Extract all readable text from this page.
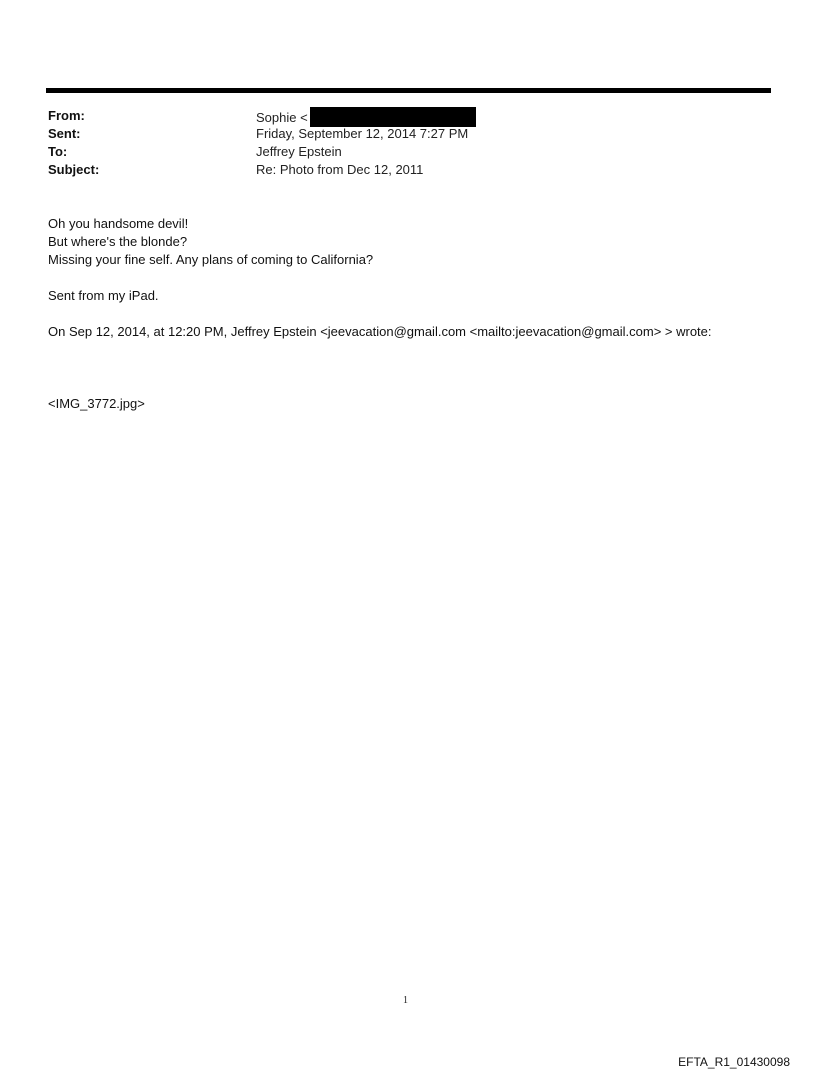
From:	Sophie <
Sent:	Friday, September 12, 2014 7:27 PM
To:	Jeffrey Epstein
Subject:	Re: Photo from Dec 12, 2011
Oh you handsome devil!
But where's the blonde?
Missing your fine self. Any plans of coming to California?
Sent from my iPad.
On Sep 12, 2014, at 12:20 PM, Jeffrey Epstein <jeevacation@gmail.com <mailto:jeevacation@gmail.com> > wrote:
<IMG_3772.jpg>
1
EFTA_R1_01430098
